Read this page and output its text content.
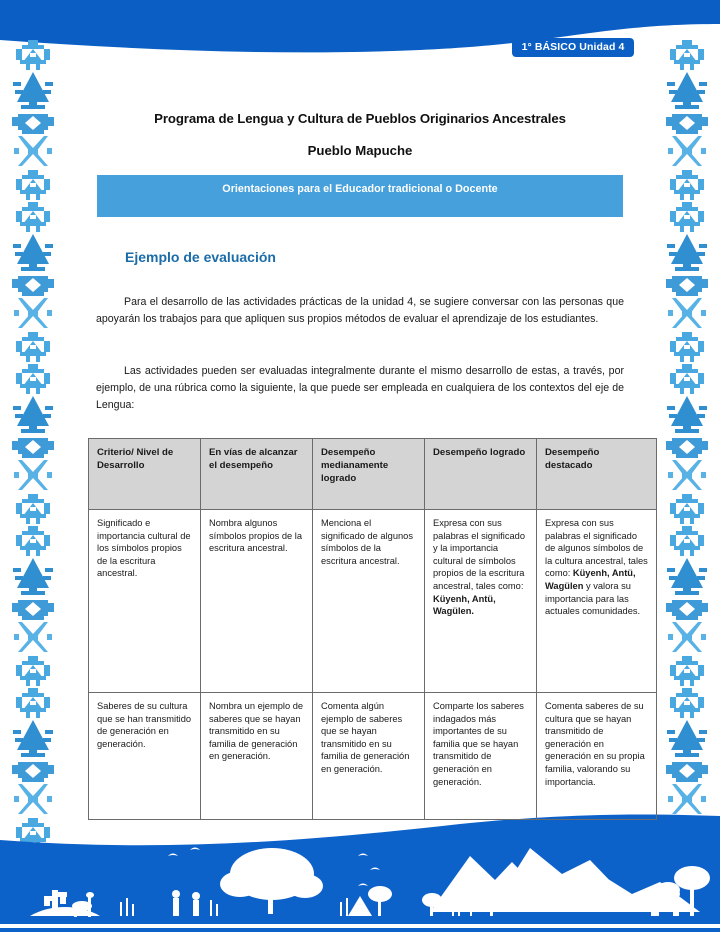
1° BÁSICO Unidad 4
Programa de Lengua y Cultura de Pueblos Originarios Ancestrales
Pueblo Mapuche
Orientaciones para el Educador tradicional o Docente
Ejemplo de evaluación
Para el desarrollo de las actividades prácticas de la unidad 4, se sugiere conversar con las personas que apoyarán los trabajos para que apliquen sus propios métodos de evaluar el aprendizaje de los estudiantes.
Las actividades pueden ser evaluadas integralmente durante el mismo desarrollo de estas, a través, por ejemplo, de una rúbrica como la siguiente, la que puede ser empleada en cualquiera de los contextos del eje de Lengua:
Criterio/ Nivel de Desarrollo	En vías de alcanzar el desempeño	Desempeño medianamente logrado	Desempeño logrado	Desempeño destacado
Significado e importancia cultural de los símbolos propios de la escritura ancestral.	Nombra algunos símbolos propios de la escritura ancestral.	Menciona el significado de algunos símbolos de la escritura ancestral.	Expresa con sus palabras el significado y la importancia cultural de símbolos propios de la escritura ancestral, tales como: Küyenh, Antü, Wagülen.	Expresa con sus palabras el significado de algunos símbolos de la cultura ancestral, tales como: Küyenh, Antü, Wagülen y valora su importancia para las actuales comunidades.
Saberes de su cultura que se han transmitido de generación en generación.	Nombra un ejemplo de saberes que se hayan transmitido en su familia de generación en generación.	Comenta algún ejemplo de saberes que se hayan transmitido en su familia de generación en generación.	Comparte los saberes indagados más importantes de su familia que se hayan transmitido de generación en generación.	Comenta saberes de su cultura que se hayan transmitido de generación en generación en su propia familia, valorando su importancia.
